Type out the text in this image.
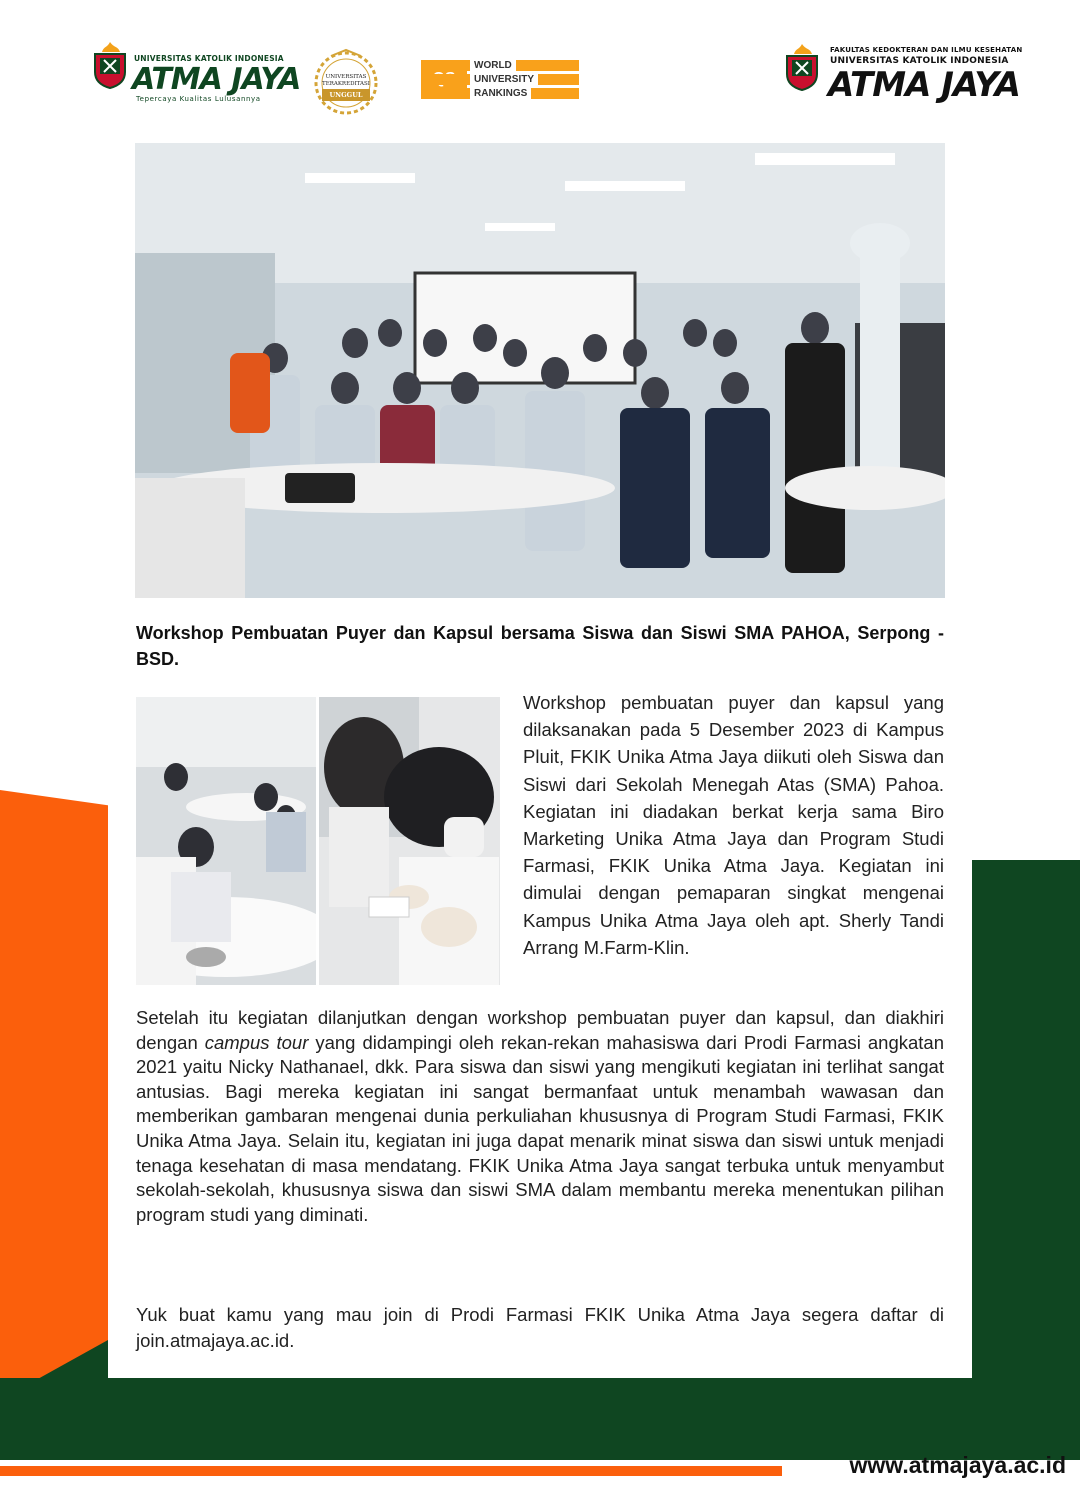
UNIVERSITAS KATOLIK INDONESIA
ATMA JAYA
Tepercaya Kualitas Lulusannya
UNIVERSITAS
TERAKREDITASI
UNGGUL
WORLD
UNIVERSITY
RANKINGS
FAKULTAS KEDOKTERAN DAN ILMU KESEHATAN
UNIVERSITAS KATOLIK INDONESIA
ATMA JAYA
Workshop Pembuatan Puyer dan Kapsul bersama Siswa dan Siswi SMA PAHOA, Serpong - BSD.
Workshop pembuatan puyer dan kapsul yang dilaksanakan pada 5 Desember 2023 di Kampus Pluit, FKIK Unika Atma Jaya diikuti oleh Siswa dan Siswi dari Sekolah Menegah Atas (SMA) Pahoa. Kegiatan ini diadakan berkat kerja sama Biro Marketing Unika Atma Jaya dan Program Studi Farmasi, FKIK Unika Atma Jaya. Kegiatan ini dimulai dengan pemaparan singkat mengenai Kampus Unika Atma Jaya oleh apt. Sherly Tandi Arrang M.Farm-Klin.
Setelah itu kegiatan dilanjutkan dengan workshop pembuatan puyer dan kapsul, dan diakhiri dengan campus tour yang didampingi oleh rekan-rekan mahasiswa dari Prodi Farmasi angkatan 2021 yaitu Nicky Nathanael, dkk. Para siswa dan siswi yang mengikuti kegiatan ini terlihat sangat antusias. Bagi mereka kegiatan ini sangat bermanfaat untuk menambah wawasan dan memberikan gambaran mengenai dunia perkuliahan khususnya di Program Studi Farmasi, FKIK Unika Atma Jaya. Selain itu, kegiatan ini juga dapat menarik minat siswa dan siswi untuk menjadi tenaga kesehatan di masa mendatang. FKIK Unika Atma Jaya sangat terbuka untuk menyambut sekolah-sekolah, khususnya siswa dan siswi SMA dalam membantu mereka menentukan pilihan program studi yang diminati.
Yuk buat kamu yang mau join di Prodi Farmasi FKIK Unika Atma Jaya segera daftar di join.atmajaya.ac.id.
www.atmajaya.ac.id
